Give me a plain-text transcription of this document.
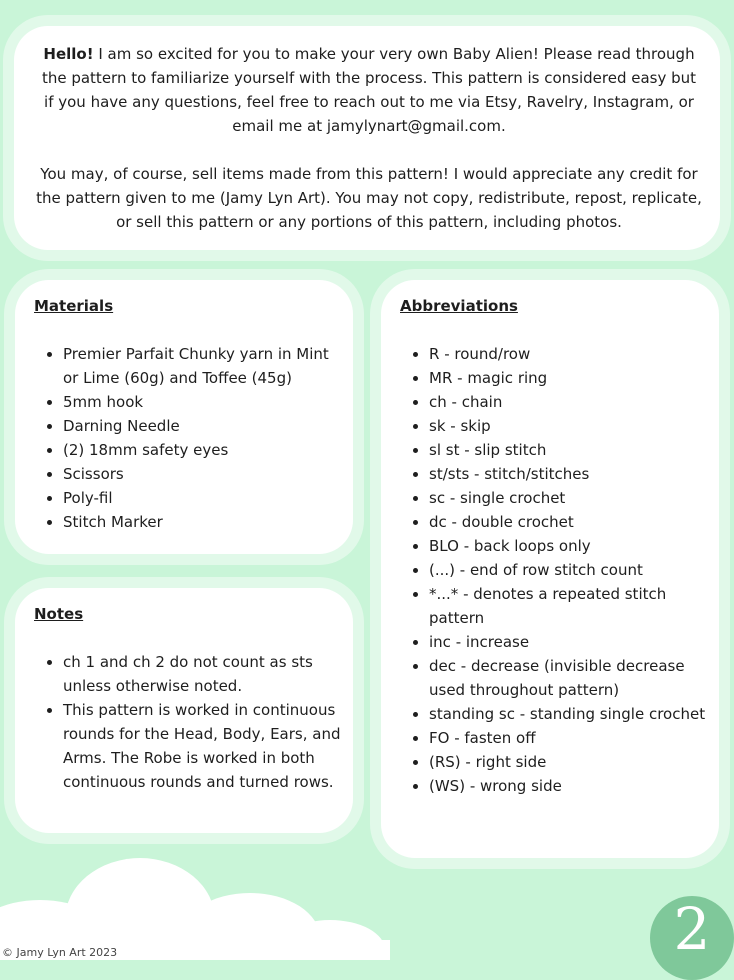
Hello! I am so excited for you to make your very own Baby Alien! Please read through the pattern to familiarize yourself with the process. This pattern is considered easy but if you have any questions, feel free to reach out to me via Etsy, Ravelry, Instagram, or email me at jamylynart@gmail.com.

You may, of course, sell items made from this pattern! I would appreciate any credit for the pattern given to me (Jamy Lyn Art). You may not copy, redistribute, repost, replicate, or sell this pattern or any portions of this pattern, including photos.

Materials
• Premier Parfait Chunky yarn in Mint or Lime (60g) and Toffee (45g)
• 5mm hook
• Darning Needle
• (2) 18mm safety eyes
• Scissors
• Poly-fil
• Stitch Marker
Notes
• ch 1 and ch 2 do not count as sts unless otherwise noted.
• This pattern is worked in continuous rounds for the Head, Body, Ears, and Arms. The Robe is worked in both continuous rounds and turned rows.
Abbreviations
• R - round/row
• MR - magic ring
• ch - chain
• sk - skip
• sl st - slip stitch
• st/sts - stitch/stitches
• sc - single crochet
• dc - double crochet
• BLO - back loops only
• (...) - end of row stitch count
• *...* - denotes a repeated stitch pattern
• inc - increase
• dec - decrease (invisible decrease used throughout pattern)
• standing sc - standing single crochet
• FO - fasten off
• (RS) - right side
• (WS) - wrong side
© Jamy Lyn Art 2023	2
